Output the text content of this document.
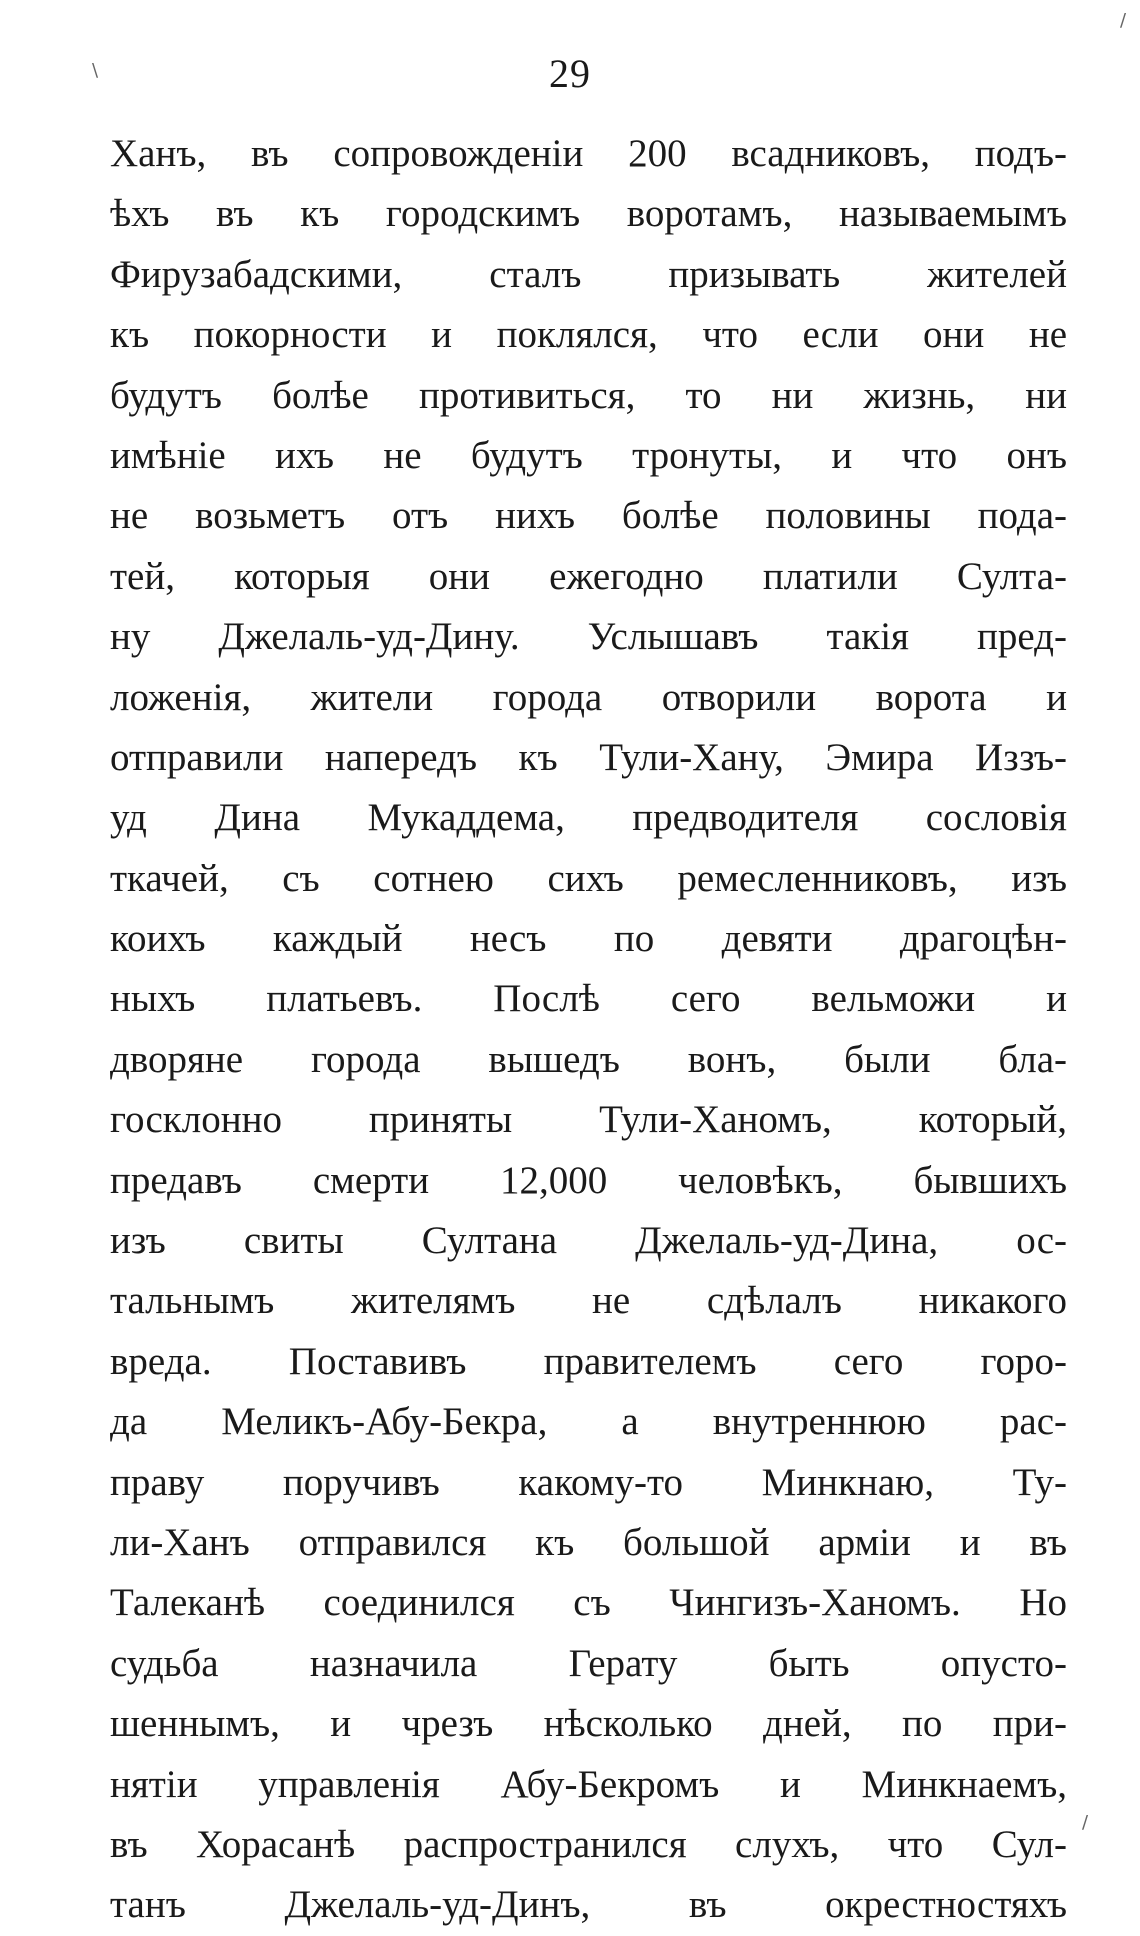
29
Ханъ, въ сопровожденіи 200 всадниковъ, подъ-
ѣхъ въ къ городскимъ воротамъ, называемымъ
Фирузабадскими, сталъ призывать жителей
къ покорности и поклялся, что если они не
будутъ болѣе противиться, то ни жизнь, ни
имѣніе ихъ не будутъ тронуты, и что онъ
не возьметъ отъ нихъ болѣе половины пода-
тей, которыя они ежегодно платили Султа-
ну Джелаль-уд-Дину. Услышавъ такія пред-
ложенія, жители города отворили ворота и
отправили напередъ къ Тули-Хану, Эмира Иззъ-
уд Дина Мукаддема, предводителя сословія
ткачей, съ сотнею сихъ ремесленниковъ, изъ
коихъ каждый несъ по девяти драгоцѣн-
ныхъ платьевъ. Послѣ сего вельможи и
дворяне города вышедъ вонъ, были бла-
госклонно приняты Тули-Ханомъ, который,
предавъ смерти 12,000 человѣкъ, бывшихъ
изъ свиты Султана Джелаль-уд-Дина, ос-
тальнымъ жителямъ не сдѣлалъ никакого
вреда. Поставивъ правителемъ сего горо-
да Меликъ-Абу-Бекра, а внутреннюю рас-
праву поручивъ какому-то Минкнаю, Ту-
ли-Ханъ отправился къ большой арміи и въ
Талеканѣ соединился съ Чингизъ-Ханомъ. Но
судьба назначила Герату быть опусто-
шеннымъ, и чрезъ нѣсколько дней, по при-
нятіи управленія Абу-Бекромъ и Минкнаемъ,
въ Хорасанѣ распространился слухъ, что Сул-
танъ Джелаль-уд-Динъ, въ окрестностяхъ
\
/
/
